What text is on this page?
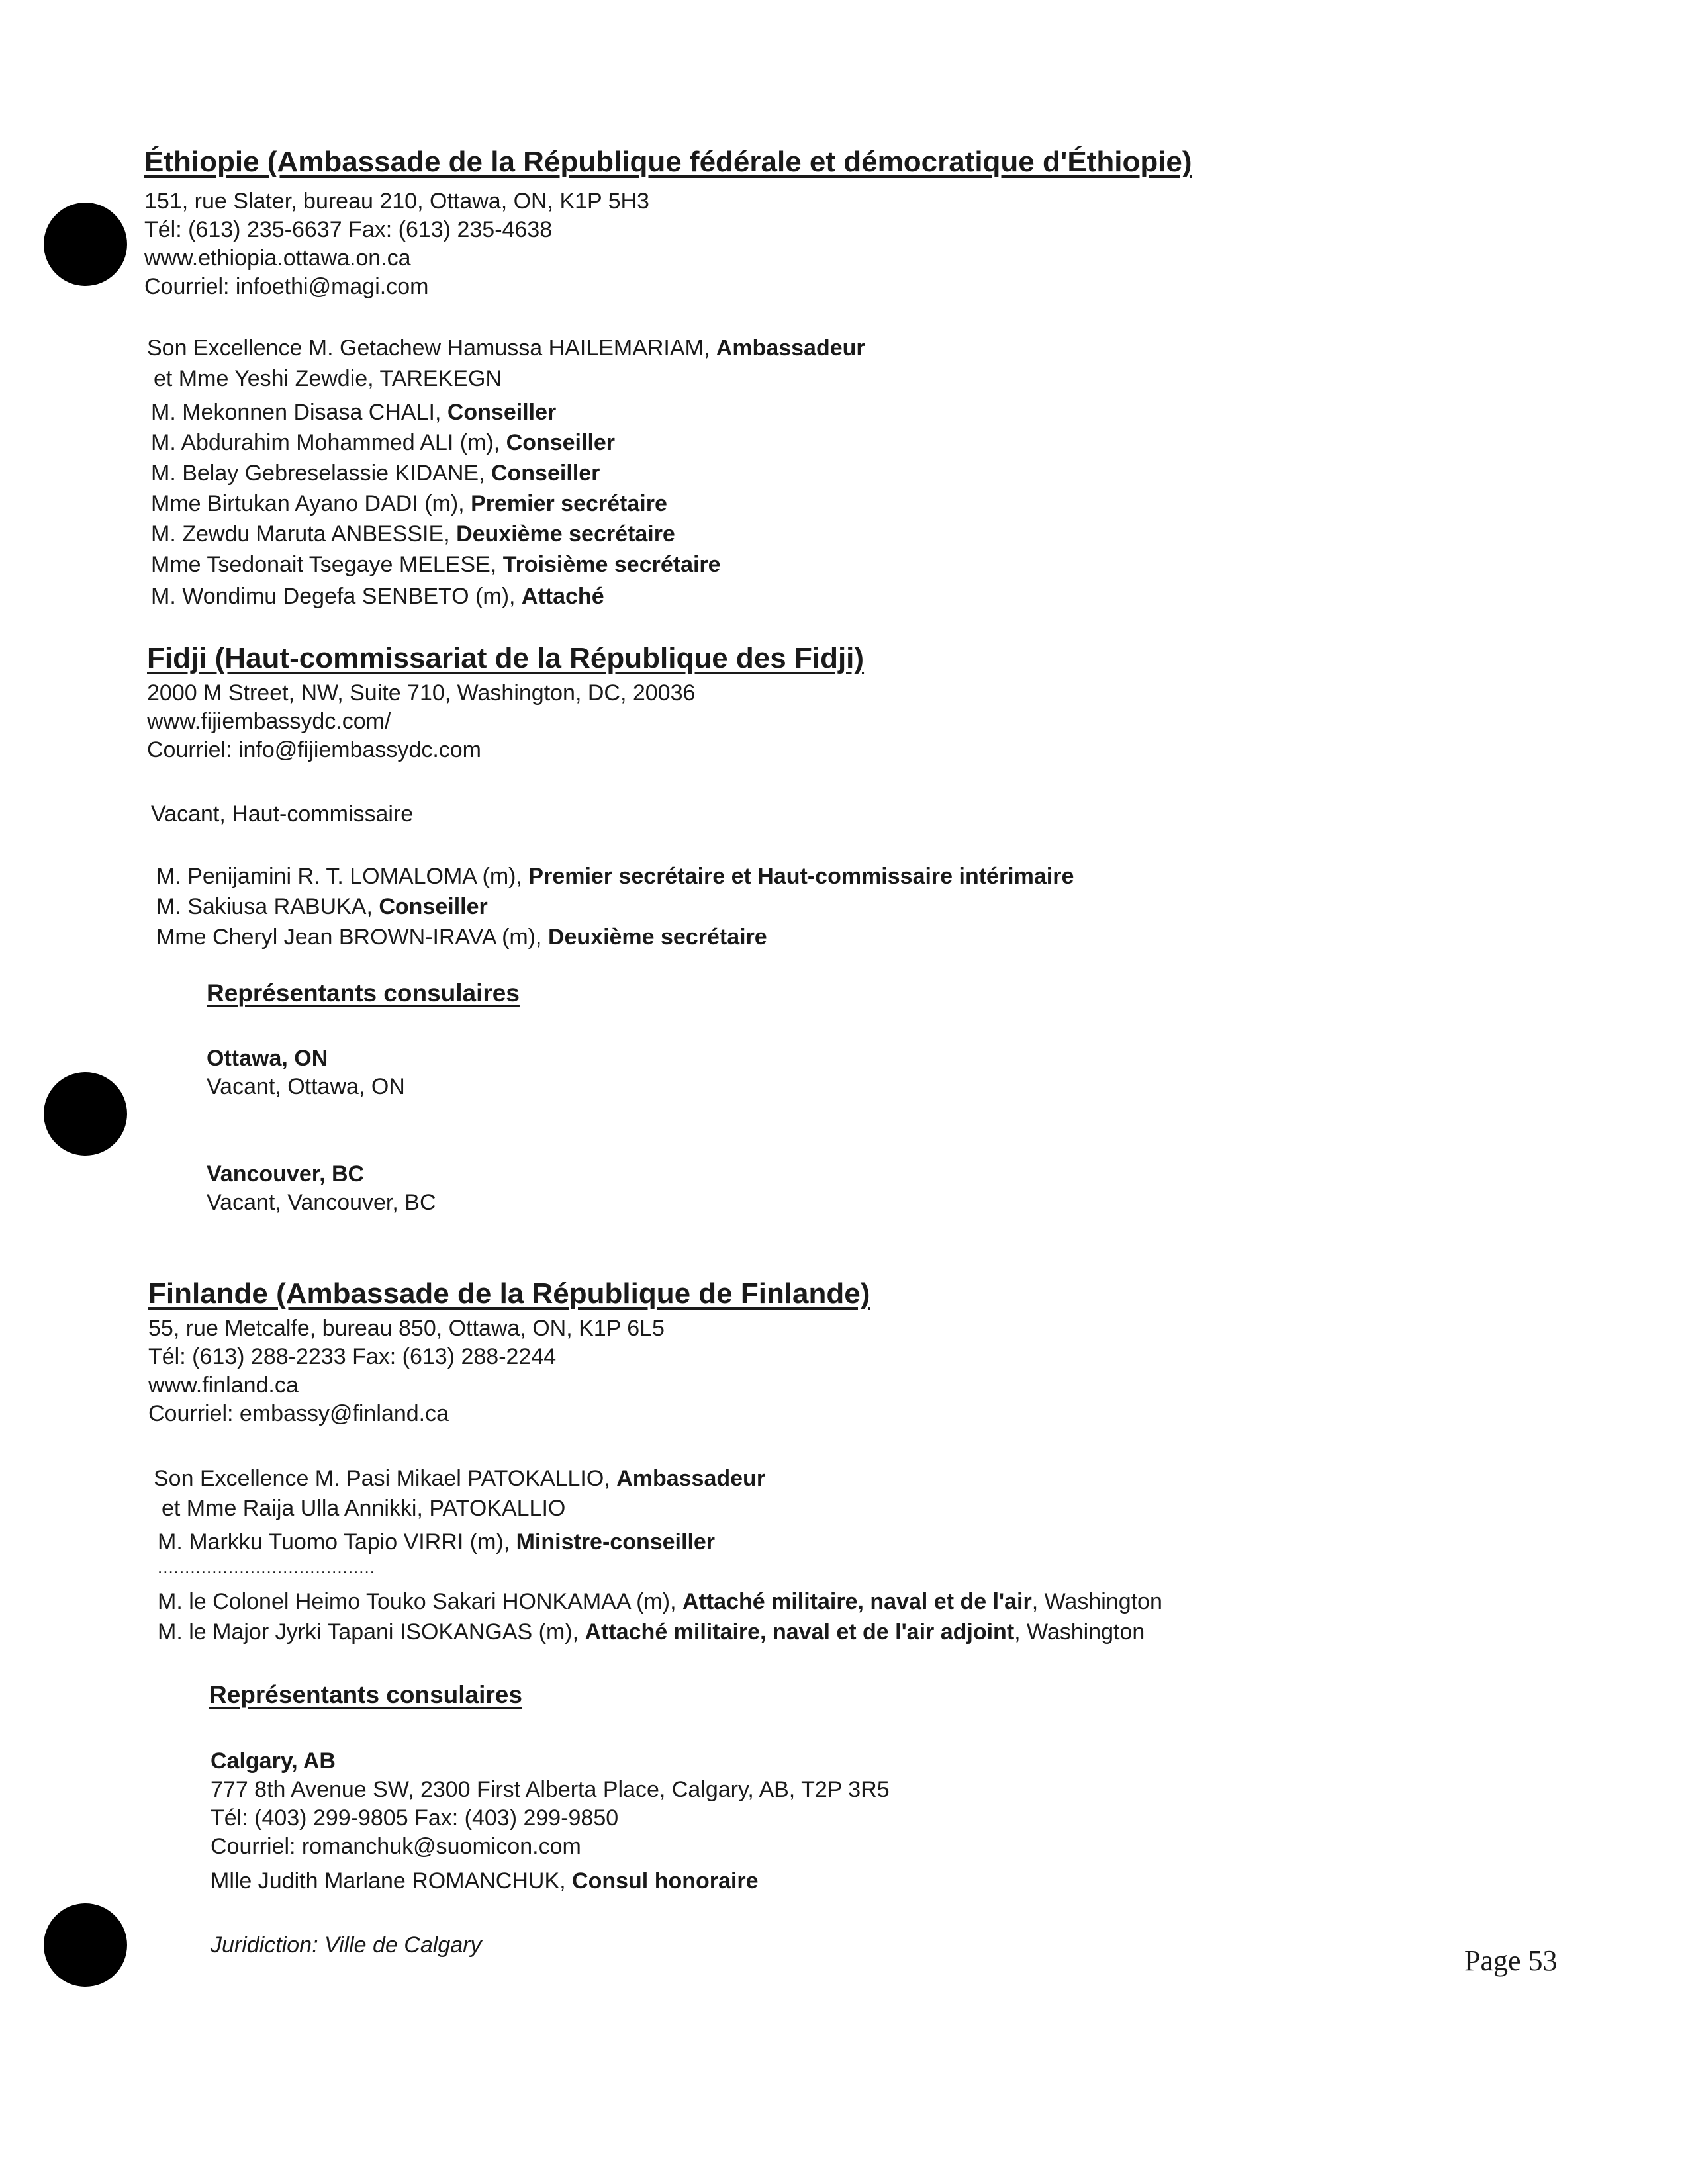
Éthiopie (Ambassade de la République fédérale et démocratique d'Éthiopie)
151, rue Slater, bureau 210, Ottawa, ON, K1P 5H3
Tél: (613) 235-6637 Fax: (613) 235-4638
www.ethiopia.ottawa.on.ca
Courriel: infoethi@magi.com
Son Excellence M. Getachew Hamussa HAILEMARIAM, Ambassadeur
et Mme Yeshi Zewdie, TAREKEGN
M. Mekonnen Disasa CHALI, Conseiller
M. Abdurahim Mohammed ALI (m), Conseiller
M. Belay Gebreselassie KIDANE, Conseiller
Mme Birtukan Ayano DADI (m), Premier secrétaire
M. Zewdu Maruta ANBESSIE, Deuxième secrétaire
Mme Tsedonait Tsegaye MELESE, Troisième secrétaire
M. Wondimu Degefa SENBETO (m), Attaché
Fidji (Haut-commissariat de la République des Fidji)
2000 M Street, NW, Suite 710, Washington, DC, 20036
www.fijiembassydc.com/
Courriel: info@fijiembassydc.com
Vacant, Haut-commissaire
M. Penijamini R. T. LOMALOMA (m), Premier secrétaire et Haut-commissaire intérimaire
M. Sakiusa RABUKA, Conseiller
Mme Cheryl Jean BROWN-IRAVA (m), Deuxième secrétaire
Représentants consulaires
Ottawa, ON
Vacant, Ottawa, ON
Vancouver, BC
Vacant, Vancouver, BC
Finlande (Ambassade de la République de Finlande)
55, rue Metcalfe, bureau 850, Ottawa, ON, K1P 6L5
Tél: (613) 288-2233 Fax: (613) 288-2244
www.finland.ca
Courriel: embassy@finland.ca
Son Excellence M. Pasi Mikael PATOKALLIO, Ambassadeur
et Mme Raija Ulla Annikki, PATOKALLIO
M. Markku Tuomo Tapio VIRRI (m), Ministre-conseiller
........................................
M. le Colonel Heimo Touko Sakari HONKAMAA (m), Attaché militaire, naval et de l'air, Washington
M. le Major Jyrki Tapani ISOKANGAS (m), Attaché militaire, naval et de l'air adjoint, Washington
Représentants consulaires
Calgary, AB
777 8th Avenue SW, 2300 First Alberta Place, Calgary, AB, T2P 3R5
Tél: (403) 299-9805 Fax: (403) 299-9850
Courriel: romanchuk@suomicon.com
Mlle Judith Marlane ROMANCHUK, Consul honoraire
Juridiction: Ville de Calgary	Page 53
